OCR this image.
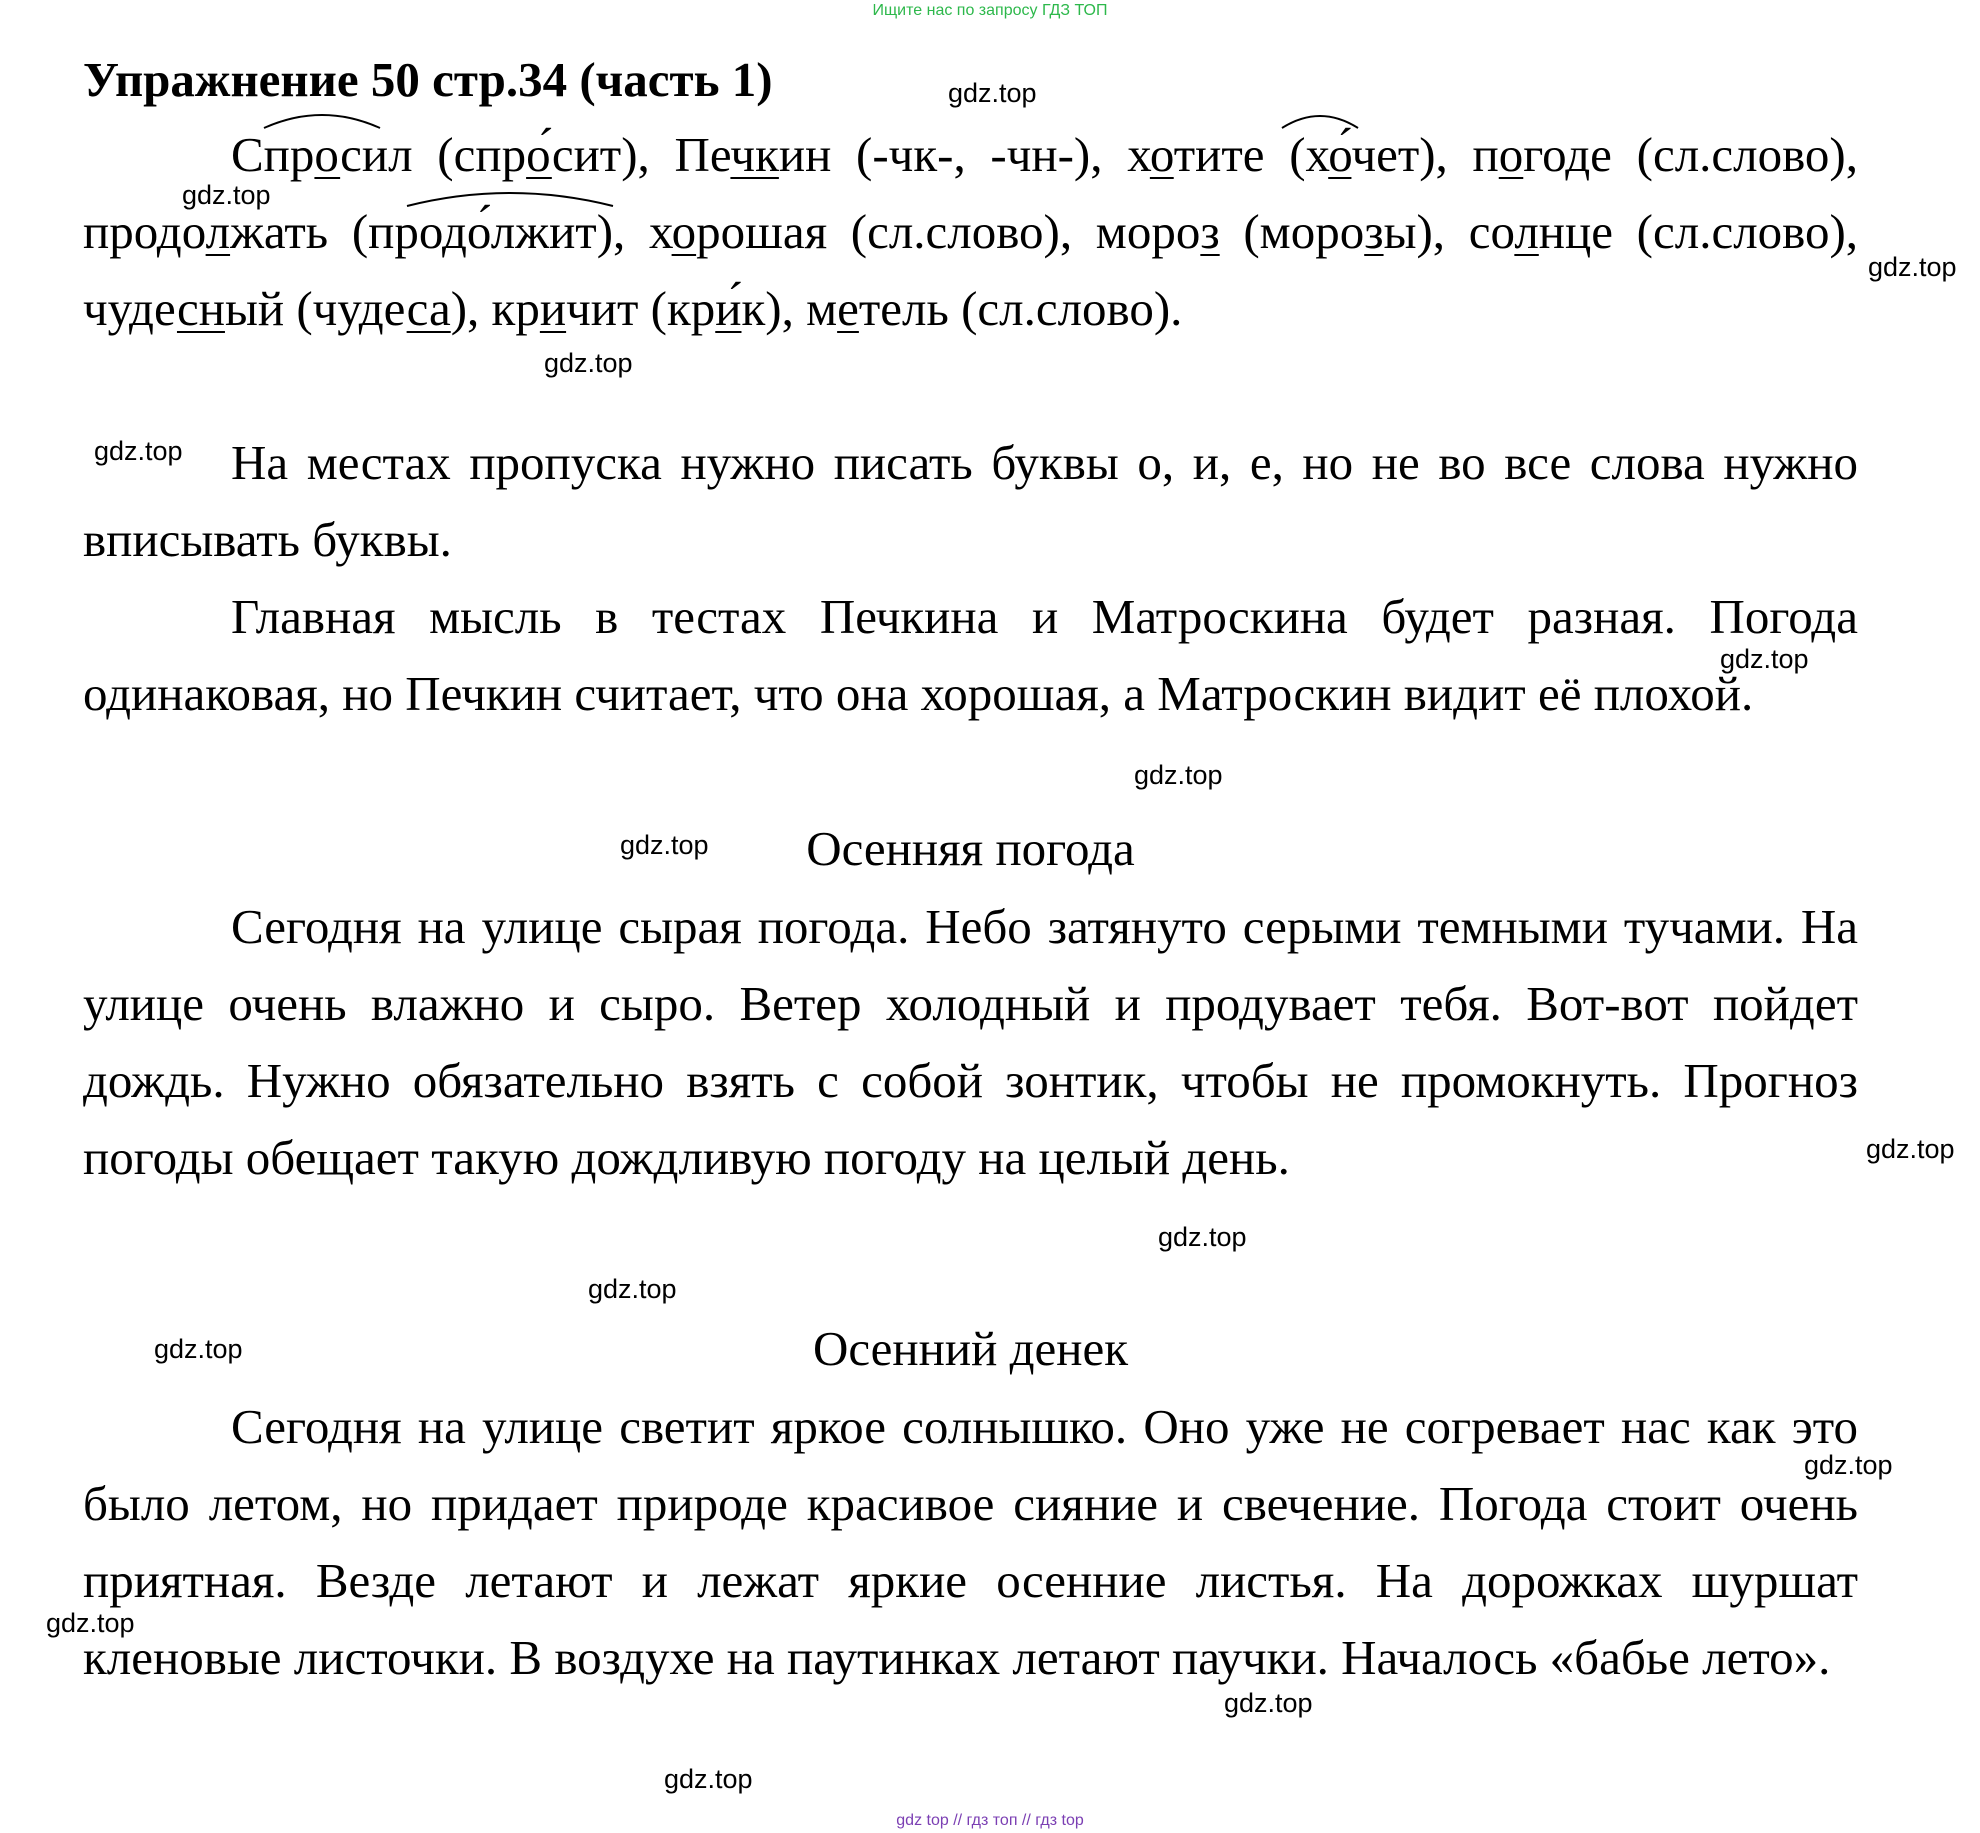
Ищите нас по запросу ГДЗ ТОП
Упражнение 50 стр.34 (часть 1)

Спросил (спро́сит), Печкин (-чк-, -чн-), хотите (хо́чет), погоде (сл.слово), продолжать (продо́лжит), хорошая (сл.слово), мороз (морозы), солнце (сл.слово), чудесный (чудеса), кричит (кри́к), метель (сл.слово).

На местах пропуска нужно писать буквы о, и, е, но не во все слова нужно вписывать буквы.

Главная мысль в тестах Печкина и Матроскина будет разная. Погода одинаковая, но Печкин считает, что она хорошая, а Матроскин видит её плохой.

Осенняя погода

Сегодня на улице сырая погода. Небо затянуто серыми темными тучами. На улице очень влажно и сыро. Ветер холодный и продувает тебя. Вот-вот пойдет дождь. Нужно обязательно взять с собой зонтик, чтобы не промокнуть. Прогноз погоды обещает такую дождливую погоду на целый день.

Осенний денек

Сегодня на улице светит яркое солнышко. Оно уже не согревает нас как это было летом, но придает природе красивое сияние и свечение. Погода стоит очень приятная. Везде летают и лежат яркие осенние листья. На дорожках шуршат кленовые листочки. В воздухе на паутинках летают паучки. Началось «бабье лето».

gdz.top
gdz.top
gdz.top
gdz.top
gdz.top
gdz.top
gdz.top
gdz.top
gdz.top
gdz.top
gdz.top
gdz.top
gdz.top
gdz.top
gdz.top
gdz.top
gdz top // гдз топ // гдз top
